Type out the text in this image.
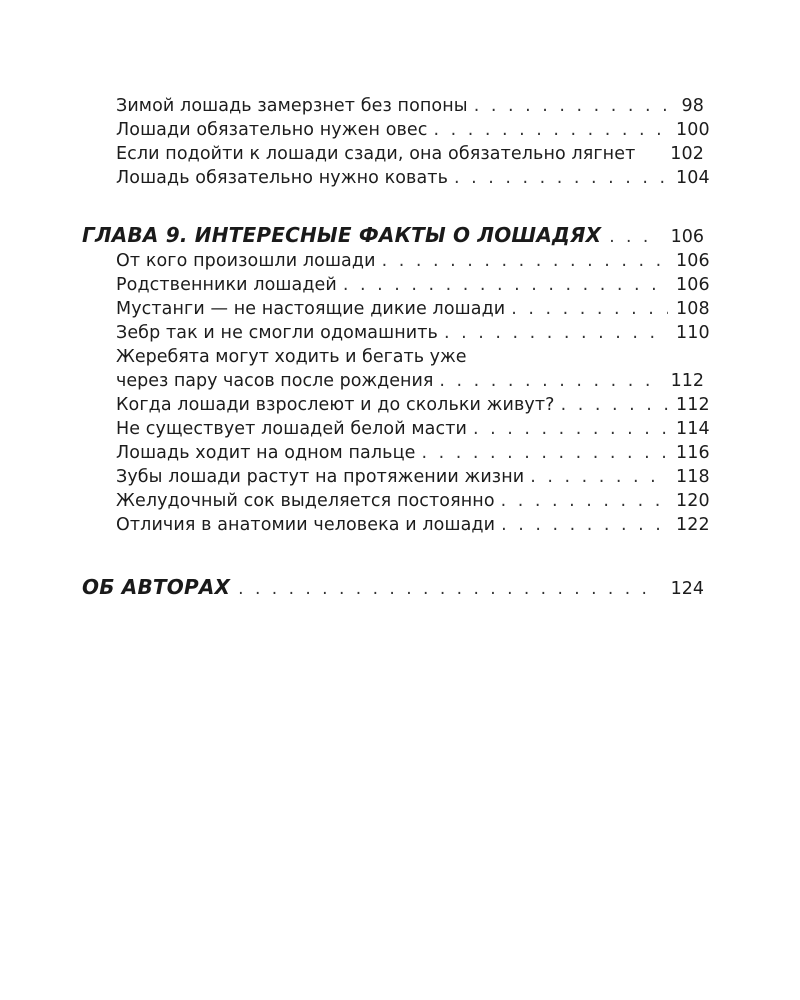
Зимой лошадь замерзнет без попоны . . .	98
Лошади обязательно нужен овес . . .	100
Если подойти к лошади сзади, она обязательно лягнет 102
Лошадь обязательно нужно ковать . . .	104
ГЛАВА 9. ИНТЕРЕСНЫЕ ФАКТЫ О ЛОШАДЯХ . . .	106
От кого произошли лошади . . .	106
Родственники лошадей . . .	106
Мустанги — не настоящие дикие лошади . . .	108
Зебр так и не смогли одомашнить . . .	110
Жеребята могут ходить и бегать уже
через пару часов после рождения . . .	112
Когда лошади взрослеют и до скольки живут? . . .	112
Не существует лошадей белой масти . . .	114
Лошадь ходит на одном пальце . . .	116
Зубы лошади растут на протяжении жизни . . .	118
Желудочный сок выделяется постоянно . . .	120
Отличия в анатомии человека и лошади . . .	122
ОБ АВТОРАХ . . .	124
